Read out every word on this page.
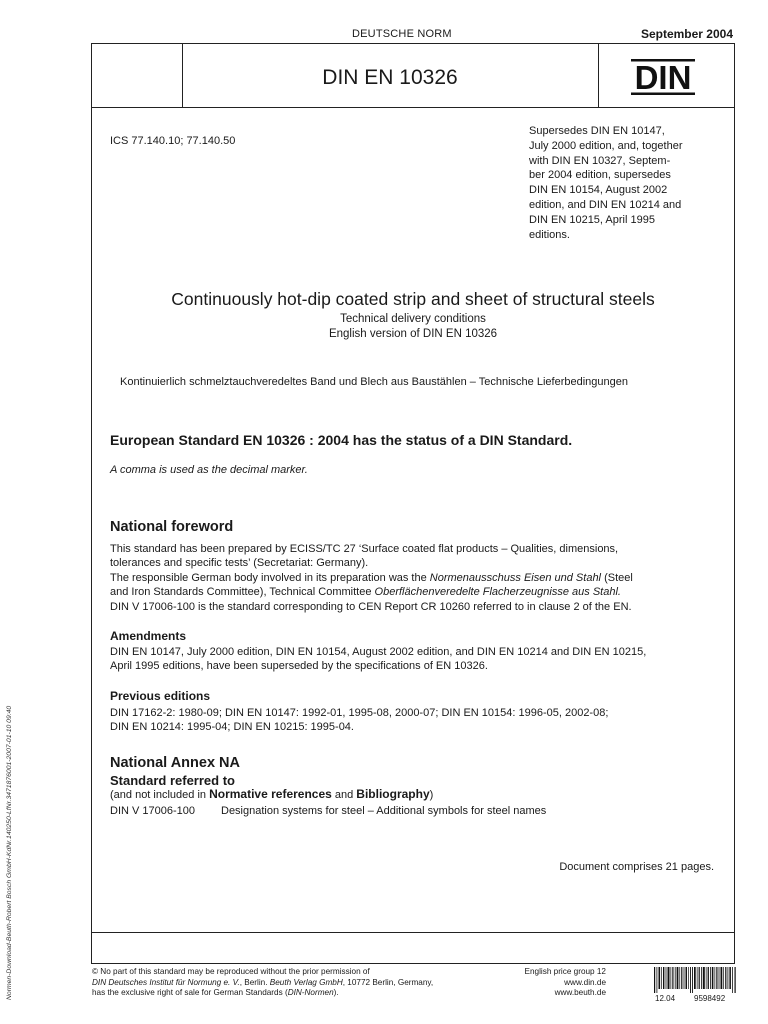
DEUTSCHE NORM	September 2004
DIN EN 10326	DIN
ICS 77.140.10; 77.140.50
Supersedes DIN EN 10147,
July 2000 edition, and, together
with DIN EN 10327, Septem-
ber 2004 edition, supersedes
DIN EN 10154, August 2002
edition, and DIN EN 10214 and
DIN EN 10215, April 1995
editions.
Continuously hot-dip coated strip and sheet of structural steels
Technical delivery conditions
English version of DIN EN 10326
Kontinuierlich schmelztauchveredeltes Band und Blech aus Baustählen – Technische Lieferbedingungen
European Standard EN 10326 : 2004 has the status of a DIN Standard.
A comma is used as the decimal marker.
National foreword
This standard has been prepared by ECISS/TC 27 ‘Surface coated flat products – Qualities, dimensions,
tolerances and specific tests’ (Secretariat: Germany).
The responsible German body involved in its preparation was the Normenausschuss Eisen und Stahl (Steel
and Iron Standards Committee), Technical Committee Oberflächenveredelte Flacherzeugnisse aus Stahl.
DIN V 17006-100 is the standard corresponding to CEN Report CR 10260 referred to in clause 2 of the EN.
Amendments
DIN EN 10147, July 2000 edition, DIN EN 10154, August 2002 edition, and DIN EN 10214 and DIN EN 10215,
April 1995 editions, have been superseded by the specifications of EN 10326.
Previous editions
DIN 17162-2: 1980-09; DIN EN 10147: 1992-01, 1995-08, 2000-07; DIN EN 10154: 1996-05, 2002-08;
DIN EN 10214: 1995-04; DIN EN 10215: 1995-04.
National Annex NA
Standard referred to
(and not included in Normative references and Bibliography)
DIN V 17006-100 Designation systems for steel – Additional symbols for steel names
Document comprises 21 pages.
© No part of this standard may be reproduced without the prior permission of
DIN Deutsches Institut für Normung e. V., Berlin. Beuth Verlag GmbH, 10772 Berlin, Germany,
has the exclusive right of sale for German Standards (DIN-Normen).
English price group 12
www.din.de
www.beuth.de
12.04 9598492
Normen-Download-Beuth-Robert Bosch GmbH-KdNr.140250-LfNr.3471876001-2007-01-10 09:40
